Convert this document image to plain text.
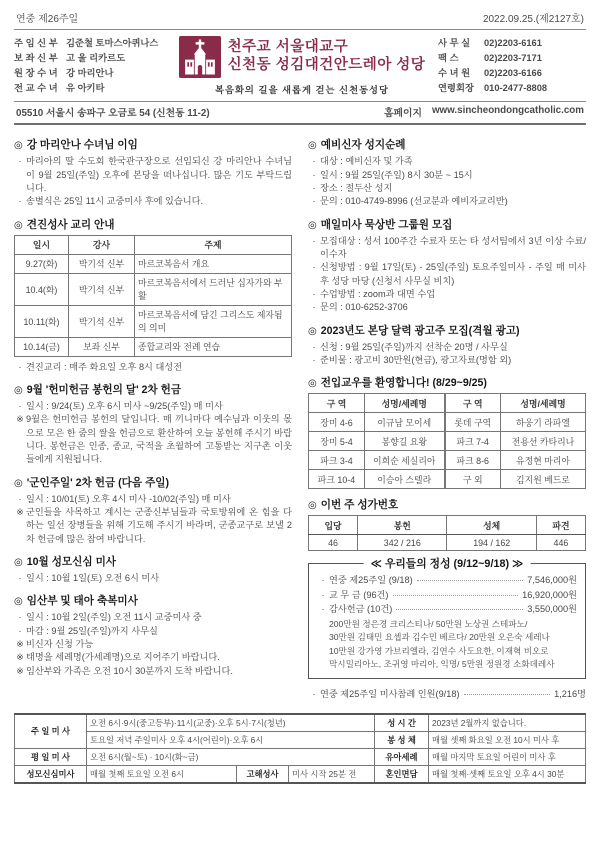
연중 제26주일	2022.09.25.(제2127호)
주 임 신 부 김준철 토마스아퀴나스
보 좌 신 부 고 울 리카르도
원 장 수 녀 강 마리안나
전 교 수 녀 유 아키타
천주교 서울대교구
신천동 성김대건안드레아 성당
복음화의 길을 새롭게 걷는 신천동성당
사 무 실 02)2203-6161
팩 스	02)2203-7171
수 녀 원 02)2203-6166
연령회장 010-2477-8808
05510 서울시 송파구 오금로 54 (신천동 11-2)	홈페이지 www.sincheondongcatholic.com
◎ 강 마리안나 수녀님 이임
· 마리아의 딸 수도회 한국관구장으로 선임되신 강 마리안나 수녀님이 9월 25일(주일) 오후에 본당을 떠나십니다. 많은 기도 부탁드립니다.
· 송별식은 25일 11시 교중미사 후에 있습니다.
◎ 견진성사 교리 안내
일시	강사	주제
9.27(화)	박기석 신부	마르코복음서 개요
10.4(화)	박기석 신부	마르코복음서에서 드러난 십자가와 부활
10.11(화)	박기석 신부	마르코복음서에 담긴 그리스도 제자됨의 의미
10.14(금)	보좌 신부	종합교리와 전례 연습
· 견진교리 : 매주 화요일 오후 8시 대성전
◎ 9월 '헌미헌금 봉헌의 달' 2차 헌금
· 일시 : 9/24(토) 오후 6시 미사 ~9/25(주일) 매 미사
※ 9월은 헌미헌금 봉헌의 달입니다. 매 끼니마다 예수님과 이웃의 몫으로 모은 한 줌의 쌀을 헌금으로 환산하여 오늘 봉헌해 주시기 바랍니다. 봉헌금은 인종, 종교, 국적을 초월하여 고통받는 지구촌 이웃들에게 지원됩니다.
◎ '군인주일' 2차 헌금 (다음 주일)
· 일시 : 10/01(토) 오후 4시 미사 -10/02(주일) 매 미사
※ 군인들을 사목하고 계시는 군종신부님들과 국토방위에 온 힘을 다하는 일선 장병들을 위해 기도해 주시기 바라며, 군종교구로 보낼 2차 헌금에 많은 참여 바랍니다.
◎ 10월 성모신심 미사
· 일시 : 10월 1일(토) 오전 6시 미사
◎ 임산부 및 태아 축복미사
· 일시 : 10월 2일(주일) 오전 11시 교중미사 중
· 마감 : 9월 25일(주일)까지 사무실
※ 비신자 신청 가능
※ 태명을 세례명(가세례명)으로 지어주기 바랍니다.
※ 임산부와 가족은 오전 10시 30분까지 도착 바랍니다.
◎ 예비신자 성지순례
· 대상 : 예비신자 및 가족
· 일시 : 9월 25일(주일) 8시 30분 ~ 15시
· 장소 : 절두산 성지
· 문의 : 010-4749-8996 (선교분과 예비자교리반)
◎ 매일미사 묵상반 그룹원 모집
· 모집대상 : 성서 100주간 수료자 또는 타 성서팀에서 3년 이상 수료/이수자
· 신청방법 : 9월 17일(토) - 25일(주일) 토요주일미사 - 주일 매 미사 후 성당 마당 (신청서 사무실 비치)
· 수업방법 : zoom과 대면 수업
· 문의 : 010-6252-3706
◎ 2023년도 본당 달력 광고주 모집(격월 광고)
· 신청 : 9월 25일(주일)까지 선착순 20명 / 사무실
· 준비물 : 광고비 30만원(현금), 광고자료(명함 외)
◎ 전입교우를 환영합니다! (8/29~9/25)
구 역	성명/세례명	구 역	성명/세례명
장미 4-6	이규남 모이세	롯데 구역	하웅기 라파엘
장미 5-4	봉향길 요왕	파크 7-4	전용선 카타리나
파크 3-4	이희순 세실리아	파크 8-6	유정현 마리아
파크 10-4	이승아 스텔라	구 외	김지원 베드로
◎ 이번 주 성가번호
입당	봉헌	성체	파견
46	342 / 216	194 / 162	446
≪ 우리들의 정성 (9/12~9/18) ≫
· 연중 제25주일 (9/18)	7,546,000원
· 교 무 금 (96건)	16,920,000원
· 감사헌금 (10건)	3,550,000원
200만원 정은경 크리스티나/ 50만원 노상권 스테파노/
30만원 김태민 요셉과 김수민 베르다/ 20만원 오은숙 세레나
10만원 강가영 가브리엘라, 김연수 사도요한, 이재혁 비오로
막시밀리아노, 조귀영 마리아, 익명/ 5만원 정원경 소화데레사
· 연중 제25주일 미사참례 인원(9/18)	1,216명
주 일 미 사	오전 6시·9시(중고등부)·11시(교중)·오후 5시·7시(청년)			성 시 간	2023년 2월까지 없습니다.
	토요일 저녁 주일미사 오후 4시(어린이)·오후 6시			봉 성 체	매월 셋째 화요일 오전 10시 미사 후
평 일 미 사	오전 6시(월~토) · 10시(화~금)			유아세례	매월 마지막 토요일 어린이 미사 후
성모신심미사	매월 첫째 토요일 오전 6시	고해성사	미사 시작 25분 전	혼인면담	매월 첫째·셋째 토요일 오후 4시 30분
